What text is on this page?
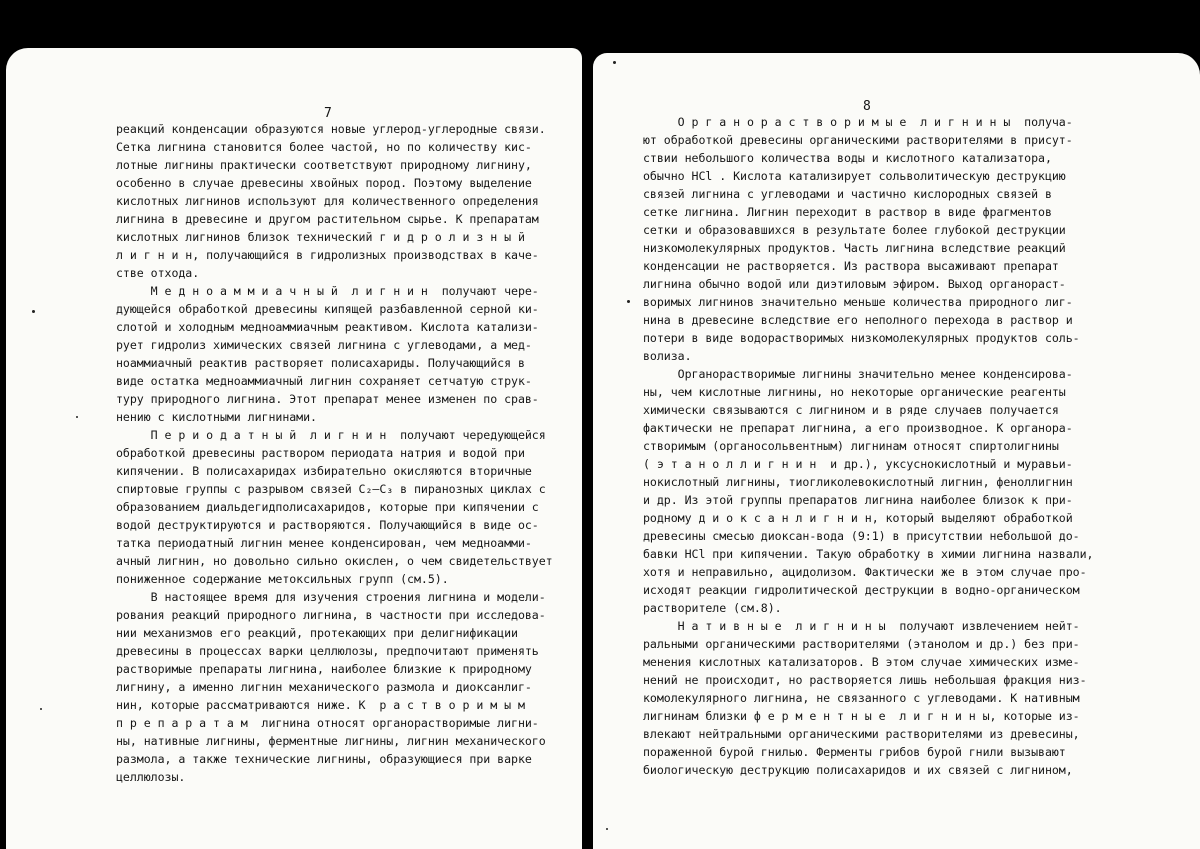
7
реакций конденсации образуются новые углерод-углеродные связи.
Сетка лигнина становится более частой, но по количеству кис-
лотные лигнины практически соответствуют природному лигнину,
особенно в случае древесины хвойных пород. Поэтому выделение
кислотных лигнинов используют для количественного определения
лигнина в древесине и другом растительном сырье. К препаратам
кислотных лигнинов близок технический г и д р о л и з н ы й
л и г н и н, получающийся в гидролизных производствах в каче-
стве отхода.
М е д н о а м м и а ч н ы й  л и г н и н  получают чере-
дующейся обработкой древесины кипящей разбавленной серной ки-
слотой и холодным медноаммиачным реактивом. Кислота катализи-
рует гидролиз химических связей лигнина с углеводами, а мед-
ноаммиачный реактив растворяет полисахариды. Получающийся в
виде остатка медноаммиачный лигнин сохраняет сетчатую струк-
туру природного лигнина. Этот препарат менее изменен по срав-
нению с кислотными лигнинами.
П е р и о д а т н ы й  л и г н и н  получают чередующейся
обработкой древесины раствором периодата натрия и водой при
кипячении. В полисахаридах избирательно окисляются вторичные
спиртовые группы с разрывом связей C₂–C₃ в пиранозных циклах с
образованием диальдегидполисахаридов, которые при кипячении с
водой деструктируются и растворяются. Получающийся в виде ос-
татка периодатный лигнин менее конденсирован, чем медноамми-
ачный лигнин, но довольно сильно окислен, о чем свидетельствует
пониженное содержание метоксильных групп (см.5).
В настоящее время для изучения строения лигнина и модели-
рования реакций природного лигнина, в частности при исследова-
нии механизмов его реакций, протекающих при делигнификации
древесины в процессах варки целлюлозы, предпочитают применять
растворимые препараты лигнина, наиболее близкие к природному
лигнину, а именно лигнин механического размола и диоксанлиг-
нин, которые рассматриваются ниже. К  р а с т в о р и м ы м
п р е п а р а т а м  лигнина относят органорастворимые лигни-
ны, нативные лигнины, ферментные лигнины, лигнин механического
размола, а также технические лигнины, образующиеся при варке
целлюлозы.
8
О р г а н о р а с т в о р и м ы е  л и г н и н ы  получа-
ют обработкой древесины органическими растворителями в присут-
ствии небольшого количества воды и кислотного катализатора,
обычно HCl . Кислота катализирует сольволитическую деструкцию
связей лигнина с углеводами и частично кислородных связей в
сетке лигнина. Лигнин переходит в раствор в виде фрагментов
сетки и образовавшихся в результате более глубокой деструкции
низкомолекулярных продуктов. Часть лигнина вследствие реакций
конденсации не растворяется. Из раствора высаживают препарат
лигнина обычно водой или диэтиловым эфиром. Выход органораст-
воримых лигнинов значительно меньше количества природного лиг-
нина в древесине вследствие его неполного перехода в раствор и
потери в виде водорастворимых низкомолекулярных продуктов соль-
волиза.
Органорастворимые лигнины значительно менее конденсирова-
ны, чем кислотные лигнины, но некоторые органические реагенты
химически связываются с лигнином и в ряде случаев получается
фактически не препарат лигнина, а его производное. К органора-
створимым (органосольвентным) лигнинам относят спиртолигнины
( э т а н о л л и г н и н  и др.), уксуснокислотный и муравьи-
нокислотный лигнины, тиогликолевокислотный лигнин, феноллигнин
и др. Из этой группы препаратов лигнина наиболее близок к при-
родному д и о к с а н л и г н и н, который выделяют обработкой
древесины смесью диоксан-вода (9:1) в присутствии небольшой до-
бавки HCl при кипячении. Такую обработку в химии лигнина назвали,
хотя и неправильно, ацидолизом. Фактически же в этом случае про-
исходят реакции гидролитической деструкции в водно-органическом
растворителе (см.8).
Н а т и в н ы е  л и г н и н ы  получают извлечением нейт-
ральными органическими растворителями (этанолом и др.) без при-
менения кислотных катализаторов. В этом случае химических изме-
нений не происходит, но растворяется лишь небольшая фракция низ-
комолекулярного лигнина, не связанного с углеводами. К нативным
лигнинам близки ф е р м е н т н ы е  л и г н и н ы, которые из-
влекают нейтральными органическими растворителями из древесины,
пораженной бурой гнилью. Ферменты грибов бурой гнили вызывают
биологическую деструкцию полисахаридов и их связей с лигнином,
